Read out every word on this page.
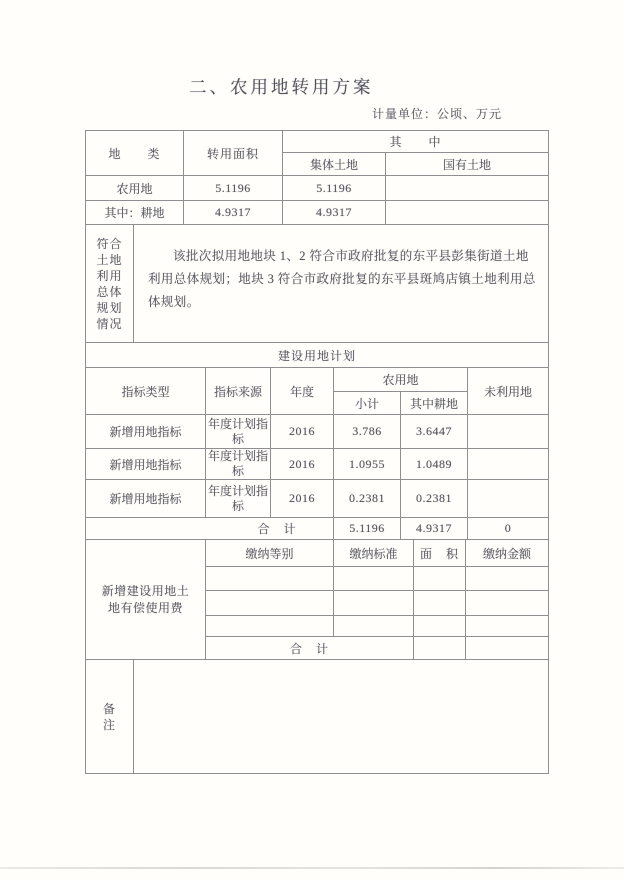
二、农用地转用方案
计量单位：公顷、万元
地　　类	转用面积	其　　中	
		集体土地	国有土地
农用地	5.1196	5.1196	
其中：耕地	4.9317	4.9317	
符合土地利用总体规划情况	该批次拟用地地块 1、2 符合市政府批复的东平县彭集街道土地利用总体规划；地块 3 符合市政府批复的东平县斑鸠店镇土地利用总体规划。
建设用地计划					
指标类型	指标来源	年度	农用地		未利用地
			小计	其中耕地	
新增用地指标	年度计划指标	2016	3.786	3.6447	
新增用地指标	年度计划指标	2016	1.0955	1.0489	
新增用地指标	年度计划指标	2016	0.2381	0.2381	
合　计			5.1196	4.9317	0
新增建设用地土地有偿使用费	缴纳等别	缴纳标准	面　积	缴纳金额

	合　计			
备　注	
